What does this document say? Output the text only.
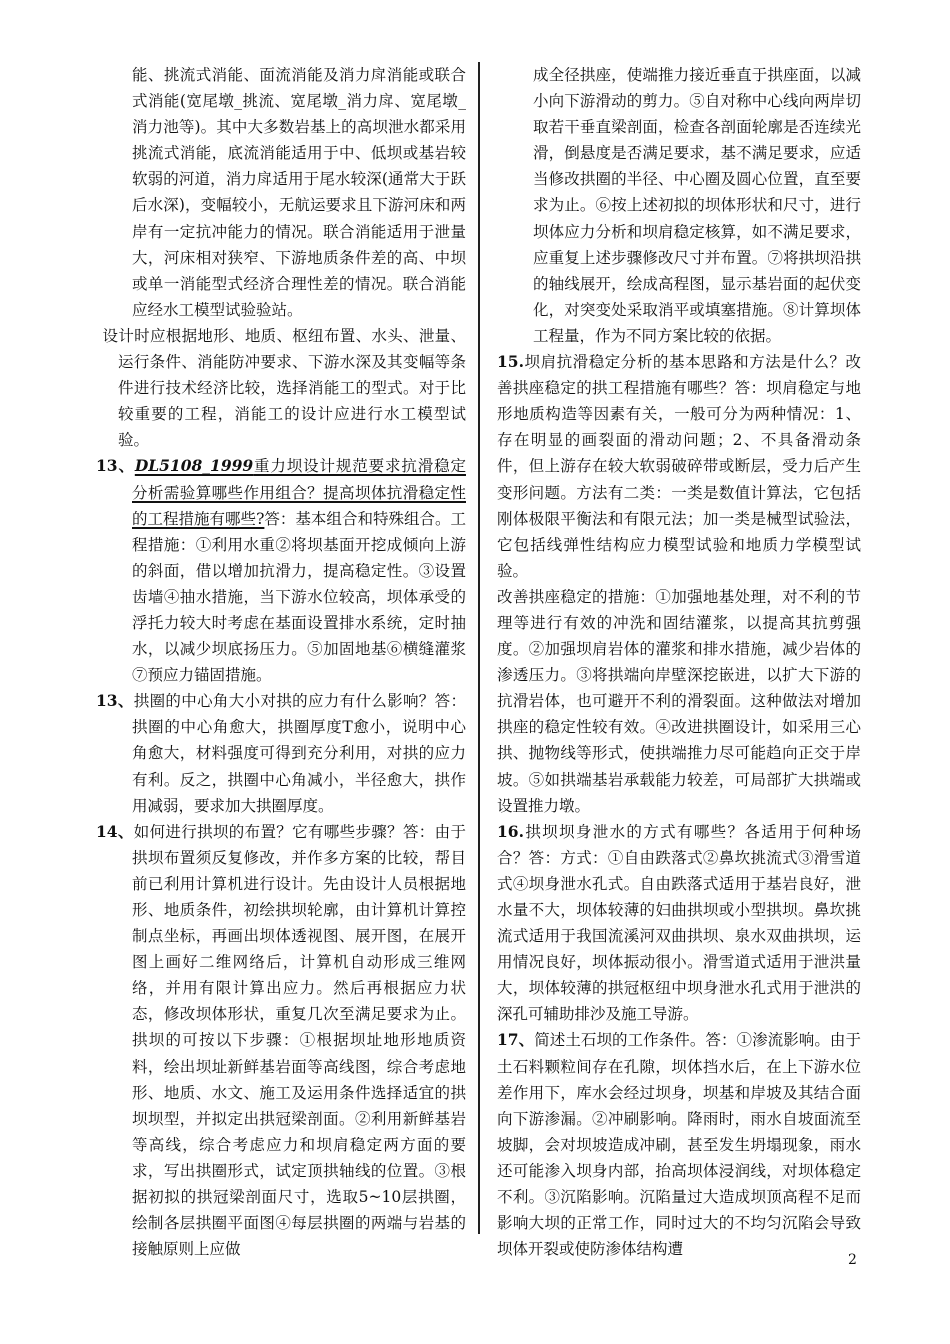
能、挑流式消能、面流消能及消力戽消能或联合式消能(宽尾墩_挑流、宽尾墩_消力戽、宽尾墩_消力池等)。其中大多数岩基上的高坝泄水都采用挑流式消能，底流消能适用于中、低坝或基岩较软弱的河道，消力戽适用于尾水较深(通常大于跃后水深)，变幅较小，无航运要求且下游河床和两岸有一定抗冲能力的情况。联合消能适用于泄量大，河床相对狭窄、下游地质条件差的高、中坝或单一消能型式经济合理性差的情况。联合消能应经水工模型试验验站。

设计时应根据地形、地质、枢纽布置、水头、泄量、运行条件、消能防冲要求、下游水深及其变幅等条件进行技术经济比较，选择消能工的型式。对于比较重要的工程，消能工的设计应进行水工模型试验。

13、DL5108_1999重力坝设计规范要求抗滑稳定分析需验算哪些作用组合？提高坝体抗滑稳定性的工程措施有哪些?答：基本组合和特殊组合。工程措施：①利用水重②将坝基面开挖成倾向上游的斜面，借以增加抗滑力，提高稳定性。③设置齿墙④抽水措施，当下游水位较高，坝体承受的浮托力较大时考虑在基面设置排水系统，定时抽水，以减少坝底扬压力。⑤加固地基⑥横缝灌浆⑦预应力锚固措施。

13、拱圈的中心角大小对拱的应力有什么影响？答：拱圈的中心角愈大，拱圈厚度T愈小，说明中心角愈大，材料强度可得到充分利用，对拱的应力有利。反之，拱圈中心角减小，半径愈大，拱作用减弱，要求加大拱圈厚度。

14、如何进行拱坝的布置？它有哪些步骤？答：由于拱坝布置须反复修改，并作多方案的比较，帮目前已利用计算机进行设计。先由设计人员根据地形、地质条件，初绘拱坝轮廓，由计算机计算控制点坐标，再画出坝体透视图、展开图，在展开图上画好二维网络后，计算机自动形成三维网络，并用有限计算出应力。然后再根据应力状态，修改坝体形状，重复几次至满足要求为止。拱坝的可按以下步骤：①根据坝址地形地质资料，绘出坝址新鲜基岩面等高线图，综合考虑地形、地质、水文、施工及运用条件选择适宜的拱坝坝型，并拟定出拱冠梁剖面。②利用新鲜基岩等高线，综合考虑应力和坝肩稳定两方面的要求，写出拱圈形式，试定顶拱轴线的位置。③根据初拟的拱冠梁剖面尺寸，选取5~10层拱圈，绘制各层拱圈平面图④每层拱圈的两端与岩基的接触原则上应做

成全径拱座，使端推力接近垂直于拱座面，以减小向下游滑动的剪力。⑤自对称中心线向两岸切取若干垂直梁剖面，检查各剖面轮廓是否连续光滑，倒悬度是否满足要求，基不满足要求，应适当修改拱圈的半径、中心圈及圆心位置，直至要求为止。⑥按上述初拟的坝体形状和尺寸，进行坝体应力分析和坝肩稳定核算，如不满足要求，应重复上述步骤修改尺寸并布置。⑦将拱坝沿拱的轴线展开，绘成高程图，显示基岩面的起伏变化，对突变处采取消平或填塞措施。⑧计算坝体工程量，作为不同方案比较的依据。

15.坝肩抗滑稳定分析的基本思路和方法是什么？改善拱座稳定的拱工程措施有哪些？答：坝肩稳定与地形地质构造等因素有关，一般可分为两种情况：1、存在明显的画裂面的滑动问题；2、不具备滑动条件，但上游存在较大软弱破碎带或断层，受力后产生变形问题。方法有二类：一类是数值计算法，它包括刚体极限平衡法和有限元法；加一类是械型试验法，它包括线弹性结构应力模型试验和地质力学模型试验。

改善拱座稳定的措施：①加强地基处理，对不利的节理等进行有效的冲洗和固结灌浆，以提高其抗剪强度。②加强坝肩岩体的灌浆和排水措施，减少岩体的渗透压力。③将拱端向岸壁深挖嵌进，以扩大下游的抗滑岩体，也可避开不利的滑裂面。这种做法对增加拱座的稳定性较有效。④改进拱圈设计，如采用三心拱、抛物线等形式，使拱端推力尽可能趋向正交于岸坡。⑤如拱端基岩承载能力较差，可局部扩大拱端或设置推力墩。

16.拱坝坝身泄水的方式有哪些？各适用于何种场合？答：方式：①自由跌落式②鼻坎挑流式③滑雪道式④坝身泄水孔式。自由跌落式适用于基岩良好，泄水量不大，坝体较薄的妇曲拱坝或小型拱坝。鼻坎挑流式适用于我国流溪河双曲拱坝、泉水双曲拱坝，运用情况良好，坝体振动很小。滑雪道式适用于泄洪量大，坝体较薄的拱冠枢纽中坝身泄水孔式用于泄洪的深孔可辅助排沙及施工导游。

17、简述土石坝的工作条件。答：①渗流影响。由于土石料颗粒间存在孔隙，坝体挡水后，在上下游水位差作用下，库水会经过坝身，坝基和岸坡及其结合面向下游渗漏。②冲刷影响。降雨时，雨水自坡面流至坡脚，会对坝坡造成冲刷，甚至发生坍塌现象，雨水还可能渗入坝身内部，抬高坝体浸润线，对坝体稳定不利。③沉陷影响。沉陷量过大造成坝顶高程不足而影响大坝的正常工作，同时过大的不均匀沉陷会导致坝体开裂或使防渗体结构遭

2
